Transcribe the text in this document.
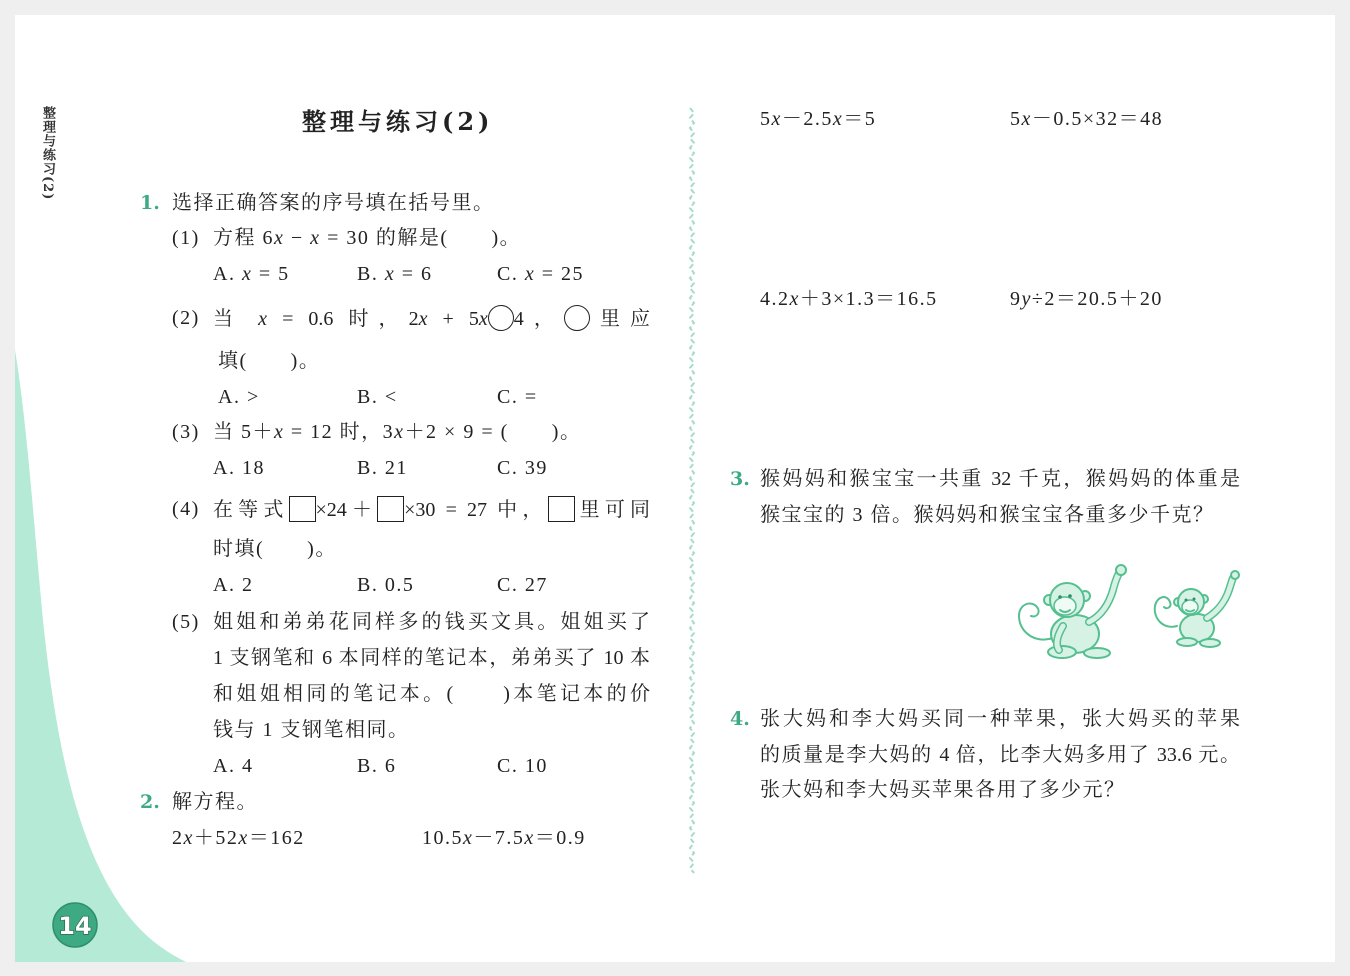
14
整理与练习(2)	整理与练习(2)
1. 选择正确答案的序号填在括号里。
(1) 方程 6x − x = 30 的解是(　　)。
A. x = 5	B. x = 6	C. x = 25
(2) 当 x = 0.6 时，2x + 5x 4， 里应
填(　　)。
A. >	B. <	C. =
(3) 当 5＋x = 12 时，3x＋2 × 9 = (　　)。
A. 18	B. 21	C. 39
(4) 在等式 ×24＋ ×30 = 27 中， 里可同
时填(　　)。
A. 2	B. 0.5	C. 27
(5) 姐姐和弟弟花同样多的钱买文具。姐姐买了
1 支钢笔和 6 本同样的笔记本，弟弟买了 10 本
和姐姐相同的笔记本。(　　)本笔记本的价
钱与 1 支钢笔相同。
A. 4	B. 6	C. 10
2. 解方程。
2x＋52x＝162	10.5x－7.5x＝0.9
5x－2.5x＝5	5x－0.5×32＝48
4.2x＋3×1.3＝16.5	9y÷2＝20.5＋20
3. 猴妈妈和猴宝宝一共重 32 千克，猴妈妈的体重是
猴宝宝的 3 倍。猴妈妈和猴宝宝各重多少千克？
4. 张大妈和李大妈买同一种苹果，张大妈买的苹果
的质量是李大妈的 4 倍，比李大妈多用了 33.6 元。
张大妈和李大妈买苹果各用了多少元？
